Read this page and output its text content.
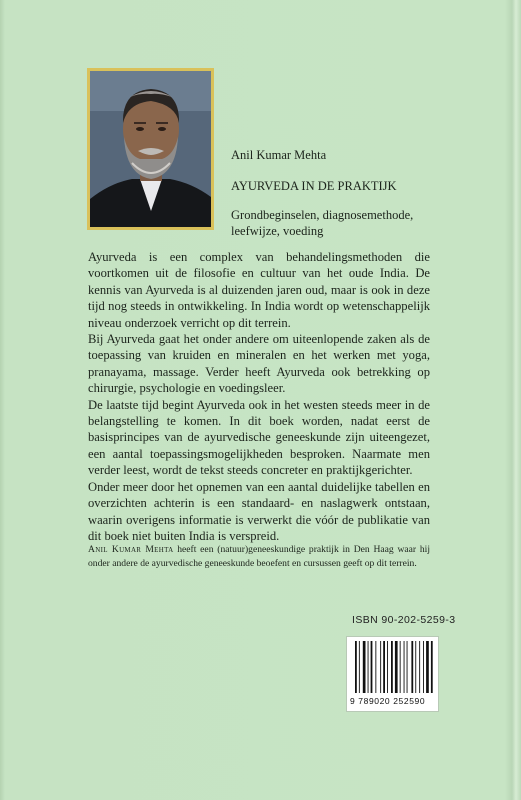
Anil Kumar Mehta
AYURVEDA IN DE PRAKTIJK
Grondbeginselen, diagnosemethode, leefwijze, voeding

Ayurveda is een complex van behandelingsmethoden die voortkomen uit de filosofie en cultuur van het oude India. De kennis van Ayurveda is al duizenden jaren oud, maar is ook in deze tijd nog steeds in ontwikkeling. In India wordt op wetenschappelijk niveau onderzoek verricht op dit terrein.

Bij Ayurveda gaat het onder andere om uiteenlopende zaken als de toepassing van kruiden en mineralen en het werken met yoga, pranayama, massage. Verder heeft Ayurveda ook betrekking op chirurgie, psychologie en voedingsleer.

De laatste tijd begint Ayurveda ook in het westen steeds meer in de belangstelling te komen. In dit boek worden, nadat eerst de basisprincipes van de ayurvedische geneeskunde zijn uiteengezet, een aantal toepassingsmogelijkheden besproken. Naarmate men verder leest, wordt de tekst steeds concreter en praktijkgerichter.

Onder meer door het opnemen van een aantal duidelijke tabellen en overzichten achterin is een standaard- en naslagwerk ontstaan, waarin overigens informatie is verwerkt die vóór de publikatie van dit boek niet buiten India is verspreid.

Anil Kumar Mehta heeft een (natuur)geneeskundige praktijk in Den Haag waar hij onder andere de ayurvedische geneeskunde beoefent en cursussen geeft op dit terrein.
ISBN 90-202-5259-3
9 789020 252590
